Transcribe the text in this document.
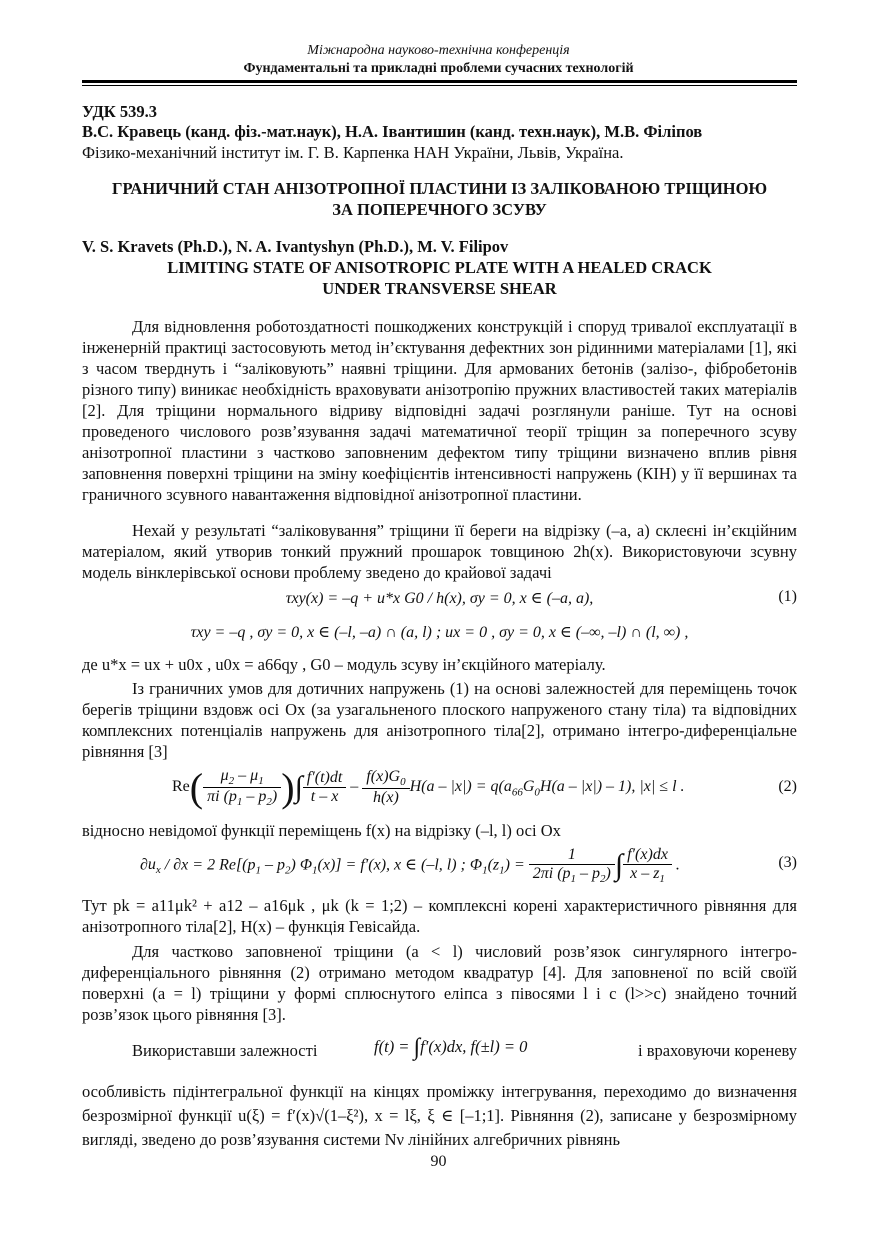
Міжнародна науково-технічна конференція
Фундаментальні та прикладні проблеми сучасних технологій
УДК 539.3
В.С. Кравець (канд. фіз.-мат.наук), Н.А. Івантишин (канд. техн.наук), М.В. Філіпов
Фізико-механічний інститут ім. Г. В. Карпенка НАН України, Львів, Україна.
ГРАНИЧНИЙ СТАН АНІЗОТРОПНОЇ ПЛАСТИНИ ІЗ ЗАЛІКОВАНОЮ ТРІЩИНОЮ
ЗА ПОПЕРЕЧНОГО ЗСУВУ
V. S. Kravets (Ph.D.), N. A. Ivantyshyn (Ph.D.), M. V. Filipov
LIMITING STATE OF ANISOTROPIC PLATE WITH A HEALED CRACK
UNDER TRANSVERSE SHEAR
Для відновлення роботоздатності пошкоджених конструкцій і споруд тривалої експлуатації в інженерній практиці застосовують метод ін’єктування дефектних зон рідинними матеріалами [1], які з часом тверднуть і “заліковують” наявні тріщини. Для армованих бетонів (залізо-, фібробетонів різного типу) виникає необхідність враховувати анізотропію пружних властивостей таких матеріалів [2]. Для тріщини нормального відриву відповідні задачі розглянули раніше. Тут на основі проведеного числового розв’язування задачі математичної теорії тріщин за поперечного зсуву анізотропної пластини з частково заповненим дефектом типу тріщини визначено вплив рівня заповнення поверхні тріщини на зміну коефіцієнтів інтенсивності напружень (КІН) у її вершинах та граничного зсувного навантаження відповідної анізотропної пластини.
Нехай у результаті “заліковування” тріщини її береги на відрізку (–a, a) склеєні ін’єкційним матеріалом, який утворив тонкий пружний прошарок товщиною 2h(x). Використовуючи зсувну модель вінклерівської основи проблему зведено до крайової задачі
τxy(x) = –q + u*x G0 / h(x), σy = 0, x ∈ (–a, a),	(1)
τxy = –q , σy = 0, x ∈ (–l, –a) ∩ (a, l) ; ux = 0 , σy = 0, x ∈ (–∞, –l) ∩ (l, ∞) ,
де u*x = ux + u0x , u0x = a66qy , G0 – модуль зсуву ін’єкційного матеріалу.
Із граничних умов для дотичних напружень (1) на основі залежностей для переміщень точок берегів тріщини вздовж осі Ox (за узагальненого плоского напруженого стану тіла) та відповідних комплексних потенціалів напружень для анізотропного тіла[2], отримано інтегро-диференціальне рівняння [3]
$Re( \frac{\mu_2 - \mu_1}{\pi i (p_1 - p_2)}$ )∫ $\frac{f'(t)dt}{t - x} - \frac{f(x)G_0}{h(x)} H(a - |x|) = q(a_{66}G_0H(a - |x|) - 1)$, |x| ≤ l .	(2)
відносно невідомої функції переміщень f(x) на відрізку (–l, l) осі Ox
$\partial u_x / \partial x = 2$ $Re[(p_1 - p_2) \Phi_1(x)] = f'(x)$, x ∈ (–l, l) ; $\Phi_1(z_1) = \frac{1}{2\pi i (p_1 - p_2)}$ ∫ $\frac{f'(x)dx}{x - z_1}$ .	(3)
Тут pk = a11μk² + a12 – a16μk , μk (k = 1;2) – комплексні корені характеристичного рівняння для анізотропного тіла[2], H(x) – функція Гевісайда.
Для частково заповненої тріщини (a < l) числовий розв’язок сингулярного інтегро-диференціального рівняння (2) отримано методом квадратур [4]. Для заповненої по всій своїй поверхні (a = l) тріщини у формі сплюснутого еліпса з півосями l і c (l>>c) знайдено точний розв’язок цього рівняння [3].
Використавши залежності	f(t) = ∫f′(x)dx, f(±l) = 0	і враховуючи кореневу
особливість підінтегральної функції на кінцях проміжку інтегрування, переходимо до визначення безрозмірної функції u(ξ) = f′(x)√(1–ξ²), x = lξ, ξ ∈ [–1;1]. Рівняння (2), записане у безрозмірному вигляді, зведено до розв’язування системи Nν лінійних алгебричних рівнянь
90
